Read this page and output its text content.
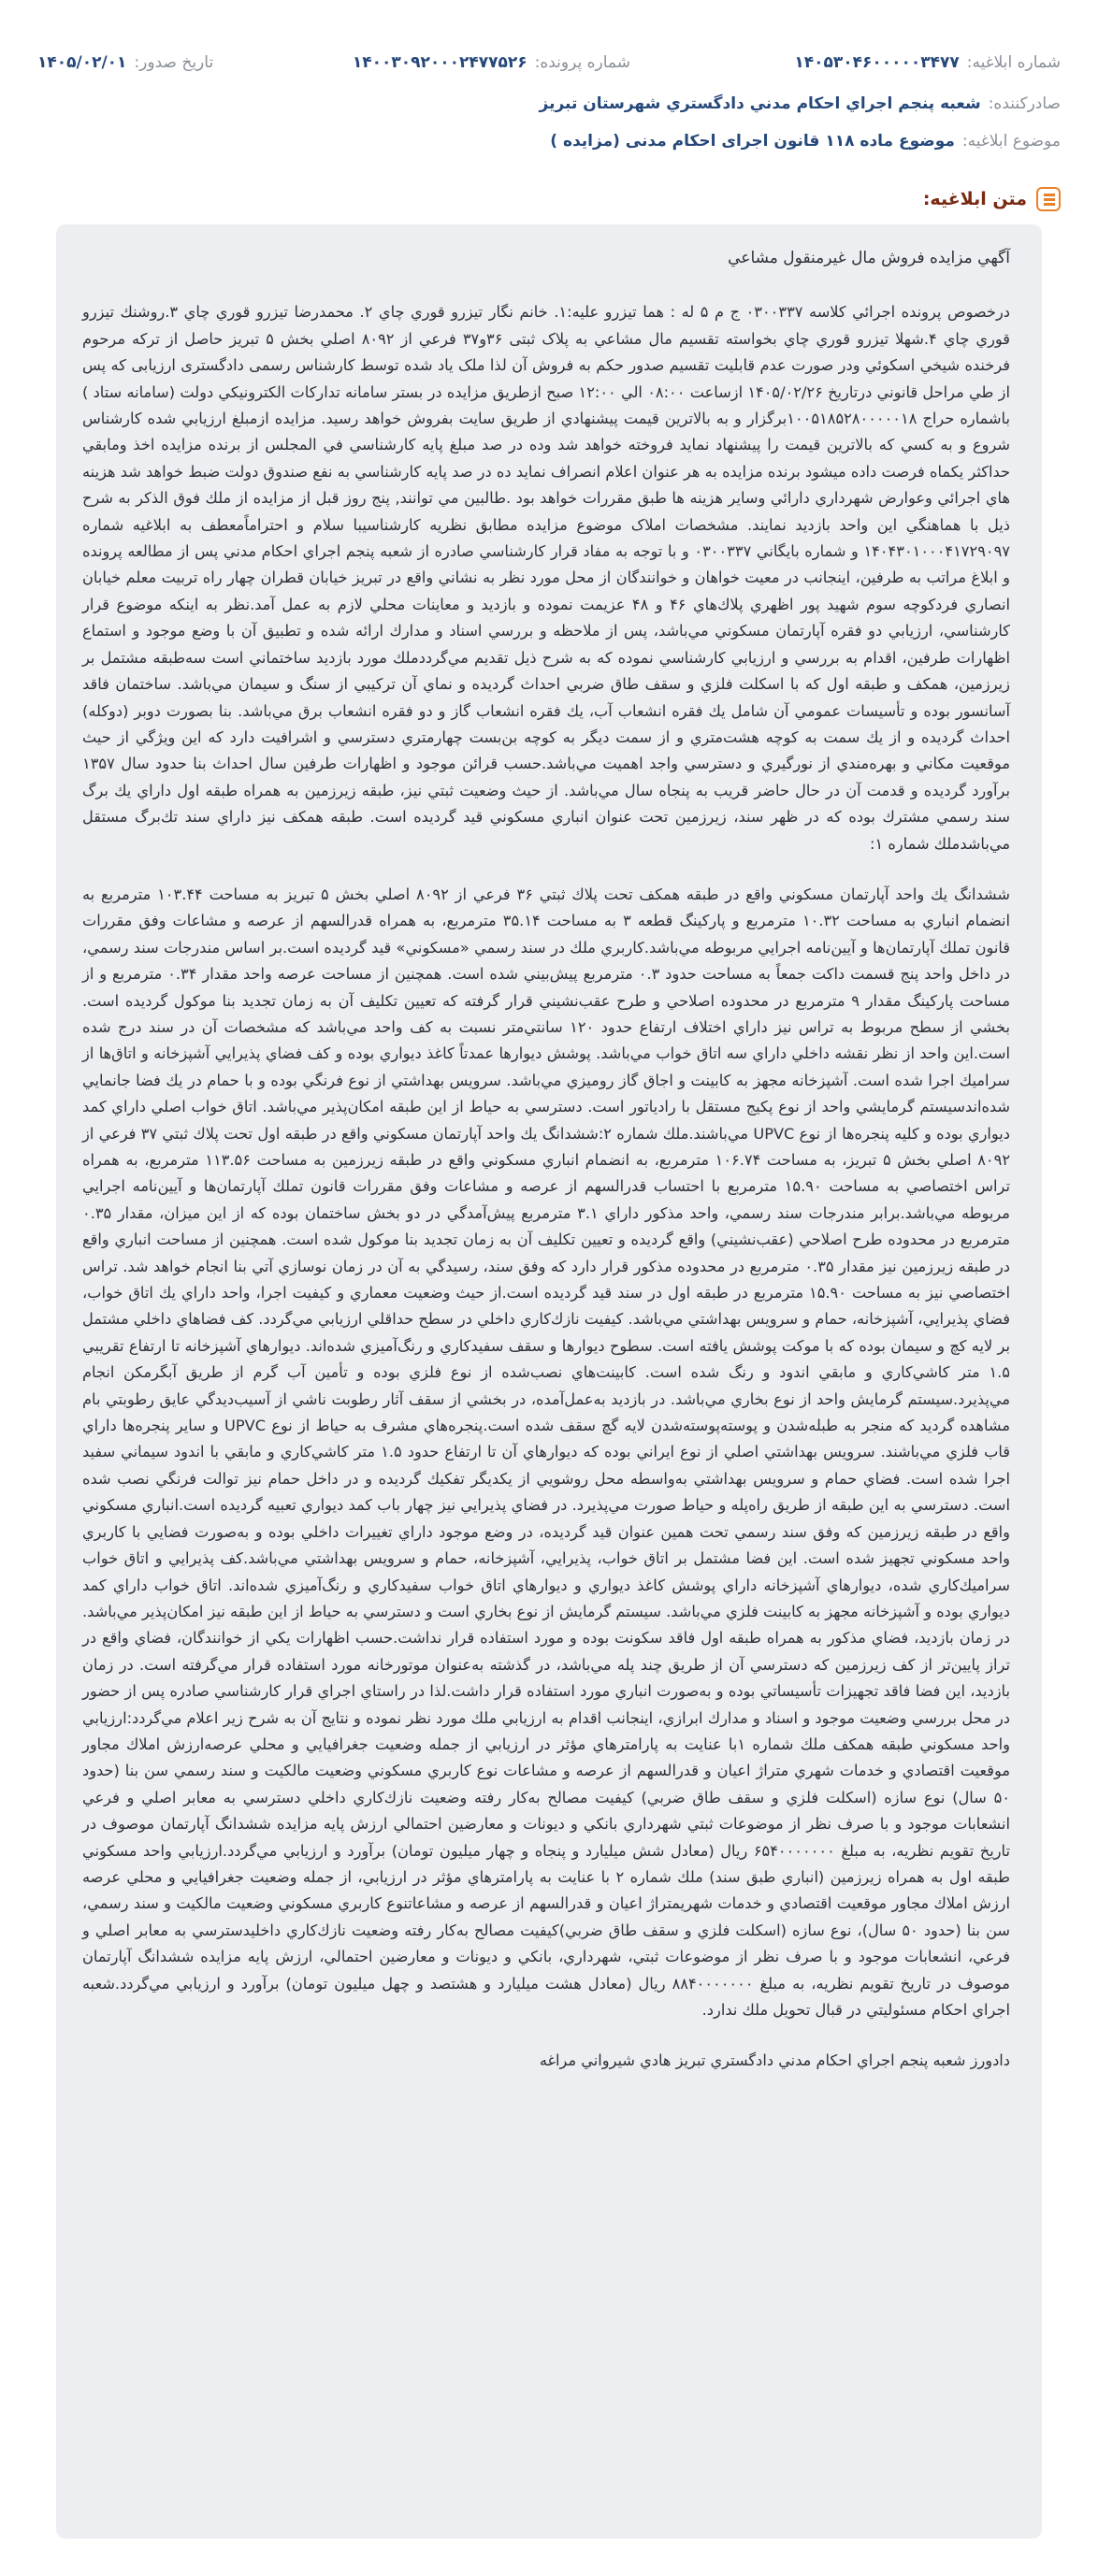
شماره ابلاغیه:
۱۴۰۵۳۰۴۶۰۰۰۰۰۳۴۷۷
شماره پرونده:
۱۴۰۰۳۰۹۲۰۰۰۲۴۷۷۵۲۶
تاریخ صدور:
۱۴۰۵/۰۲/۰۱
صادرکننده:
شعبه پنجم اجراي احكام مدني دادگستري شهرستان تبريز
موضوع ابلاغیه:
موضوع ماده ۱۱۸ قانون اجرای احکام مدنی (مزایده )
متن ابلاغیه:

آگهي مزايده فروش مال غيرمنقول مشاعي

درخصوص پرونده اجرائي كلاسه ۰۳۰۰۳۳۷ ج م ۵ له : هما تيزرو عليه:۱. خانم نگار تيزرو قوري چاي ۲. محمدرضا تيزرو قوري چاي ۳.روشنك تيزرو قوري چاي ۴.شهلا تيزرو قوري چاي بخواسته تقسيم مال مشاعي به پلاک ثبتی ۳۶و۳۷ فرعي از ۸۰۹۲ اصلي بخش ۵ تبريز حاصل از تركه مرحوم فرخنده شيخي اسكوئي ودر صورت عدم قابليت تقسيم صدور حكم به فروش آن لذا ملک یاد شده توسط کارشناس رسمی دادگستری ارزیابی كه پس از طي مراحل قانوني درتاريخ ۱۴۰۵/۰۲/۲۶ ازساعت ۰۸:۰۰ الي ۱۲:۰۰ صبح ازطريق مزايده در بستر سامانه تداركات الكترونيكي دولت (سامانه ستاد ) باشماره حراج ۱۰۰۵۱۸۵۲۸۰۰۰۰۰۱۸برگزار و به بالاترين قيمت پيشنهادي از طريق سايت بفروش خواهد رسيد. مزايده ازمبلغ ارزيابي شده كارشناس شروع و به كسي كه بالاترين قيمت را پيشنهاد نمايد فروخته خواهد شد وده در صد مبلغ پايه كارشناسي في المجلس از برنده مزايده اخذ ومابقي حداكثر يكماه فرصت داده ميشود برنده مزايده به هر عنوان اعلام انصراف نمايد ده در صد پايه كارشناسي به نفع صندوق دولت ضبط خواهد شد هزينه هاي اجرائي وعوارض شهرداري دارائي وساير هزينه ها طبق مقررات خواهد بود .طالبين مي توانند, پنج روز قبل از مزايده از ملك فوق الذكر به شرح ذيل با هماهنگي اين واحد بازديد نمايند. مشخصات املاک موضوع مزايده مطابق نظريه كارشناسيبا سلام و احتراماًمعطف به ابلاغيه شماره ۱۴۰۴۳۰۱۰۰۰۴۱۷۲۹۰۹۷ و شماره بايگاني ۰۳۰۰۳۳۷ و با توجه به مفاد قرار كارشناسي صادره از شعبه پنجم اجراي احكام مدني پس از مطالعه پرونده و ابلاغ مراتب به طرفين، اينجانب در معيت خواهان و خوانندگان از محل مورد نظر به نشاني واقع در تبريز خيابان قطران چهار راه تربيت معلم خيابان انصاري فردكوچه سوم شهيد پور اظهري پلاك‌هاي ۴۶ و ۴۸ عزيمت نموده و بازديد و معاينات محلي لازم به عمل آمد.نظر به اينكه موضوع قرار كارشناسي، ارزيابي دو فقره آپارتمان مسكوني مي‌باشد، پس از ملاحظه و بررسي اسناد و مدارك ارائه شده و تطبيق آن با وضع موجود و استماع اظهارات طرفين، اقدام به بررسي و ارزيابي كارشناسي نموده كه به شرح ذيل تقديم مي‌گرددملك مورد بازديد ساختماني است سه‌طبقه مشتمل بر زيرزمين، همكف و طبقه اول كه با اسكلت فلزي و سقف طاق ضربي احداث گرديده و نماي آن تركيبي از سنگ و سيمان مي‌باشد. ساختمان فاقد آسانسور بوده و تأسيسات عمومي آن شامل يك فقره انشعاب آب، يك فقره انشعاب گاز و دو فقره انشعاب برق مي‌باشد. بنا بصورت دوبر (دوكله) احداث گرديده و از يك سمت به كوچه هشت‌متري و از سمت ديگر به كوچه بن‌بست چهارمتري دسترسي و اشرافيت دارد كه اين ويژگي از حيث موقعيت مكاني و بهره‌مندي از نورگيري و دسترسي واجد اهميت مي‌باشد.حسب قرائن موجود و اظهارات طرفين سال احداث بنا حدود سال ۱۳۵۷ برآورد گرديده و قدمت آن در حال حاضر قريب به پنجاه سال مي‌باشد. از حيث وضعيت ثبتي نيز، طبقه زيرزمين به همراه طبقه اول داراي يك برگ سند رسمي مشترك بوده كه در ظهر سند، زيرزمين تحت عنوان انباري مسكوني قيد گرديده است. طبقه همكف نيز داراي سند تك‌برگ مستقل مي‌باشدملك شماره ۱:

ششدانگ يك واحد آپارتمان مسكوني واقع در طبقه همكف تحت پلاك ثبتي ۳۶ فرعي از ۸۰۹۲ اصلي بخش ۵ تبريز به مساحت ۱۰۳.۴۴ مترمربع به انضمام انباري به مساحت ۱۰.۳۲ مترمربع و پاركينگ قطعه ۳ به مساحت ۳۵.۱۴ مترمربع، به همراه قدرالسهم از عرصه و مشاعات وفق مقررات قانون تملك آپارتمان‌ها و آيين‌نامه اجرايي مربوطه مي‌باشد.كاربري ملك در سند رسمي «مسكوني» قيد گرديده است.بر اساس مندرجات سند رسمي، در داخل واحد پنج قسمت داكت جمعاً به مساحت حدود ۰.۳ مترمربع پيش‌بيني شده است. همچنين از مساحت عرصه واحد مقدار ۰.۳۴ مترمربع و از مساحت پاركينگ مقدار ۹ مترمربع در محدوده اصلاحي و طرح عقب‌نشيني قرار گرفته كه تعيين تكليف آن به زمان تجديد بنا موكول گرديده است. بخشي از سطح مربوط به تراس نيز داراي اختلاف ارتفاع حدود ۱۲۰ سانتي‌متر نسبت به كف واحد مي‌باشد كه مشخصات آن در سند درج شده است.اين واحد از نظر نقشه داخلي داراي سه اتاق خواب مي‌باشد. پوشش ديوارها عمدتاً كاغذ ديواري بوده و كف فضاي پذيرايي آشپزخانه و اتاق‌ها از سراميك اجرا شده است. آشپزخانه مجهز به كابينت و اجاق گاز روميزي مي‌باشد. سرويس بهداشتي از نوع فرنگي بوده و با حمام در يك فضا جانمايي شده‌اندسيستم گرمايشي واحد از نوع پكيج مستقل با رادياتور است. دسترسي به حياط از اين طبقه امكان‌پذير مي‌باشد. اتاق خواب اصلي داراي كمد ديواري بوده و كليه پنجره‌ها از نوع UPVC مي‌باشند.ملك شماره ۲:ششدانگ يك واحد آپارتمان مسكوني واقع در طبقه اول تحت پلاك ثبتي ۳۷ فرعي از ۸۰۹۲ اصلي بخش ۵ تبريز، به مساحت ۱۰۶.۷۴ مترمربع، به انضمام انباري مسكوني واقع در طبقه زيرزمين به مساحت ۱۱۳.۵۶ مترمربع، به همراه تراس اختصاصي به مساحت ۱۵.۹۰ مترمربع با احتساب قدرالسهم از عرصه و مشاعات وفق مقررات قانون تملك آپارتمان‌ها و آيين‌نامه اجرايي مربوطه مي‌باشد.برابر مندرجات سند رسمي، واحد مذكور داراي ۳.۱ مترمربع پيش‌آمدگي در دو بخش ساختمان بوده كه از اين ميزان، مقدار ۰.۳۵ مترمربع در محدوده طرح اصلاحي (عقب‌نشيني) واقع گرديده و تعيين تكليف آن به زمان تجديد بنا موكول شده است. همچنين از مساحت انباري واقع در طبقه زيرزمين نيز مقدار ۰.۳۵ مترمربع در محدوده مذكور قرار دارد كه وفق سند، رسيدگي به آن در زمان نوسازي آتي بنا انجام خواهد شد. تراس اختصاصي نيز به مساحت ۱۵.۹۰ مترمربع در طبقه اول در سند قيد گرديده است.از حيث وضعيت معماري و كيفيت اجرا، واحد داراي يك اتاق خواب، فضاي پذيرايي، آشپزخانه، حمام و سرويس بهداشتي مي‌باشد. كيفيت نازك‌كاري داخلي در سطح حداقلي ارزيابي مي‌گردد. كف فضاهاي داخلي مشتمل بر لايه كچ و سيمان بوده كه با موكت پوشش يافته است. سطوح ديوارها و سقف سفيدكاري و رنگ‌آميزي شده‌اند. ديوارهاي آشپزخانه تا ارتفاع تقريبي ۱.۵ متر كاشي‌كاري و مابقي اندود و رنگ شده است. كابينت‌هاي نصب‌شده از نوع فلزي بوده و تأمين آب گرم از طريق آبگرمكن انجام مي‌پذيرد.سيستم گرمايش واحد از نوع بخاري مي‌باشد. در بازديد به‌عمل‌آمده، در بخشي از سقف آثار رطوبت ناشي از آسيب‌ديدگي عايق رطوبتي بام مشاهده گرديد كه منجر به طبله‌شدن و پوسته‌پوسته‌شدن لايه گچ سقف شده است.پنجره‌هاي مشرف به حياط از نوع UPVC و ساير پنجره‌ها داراي قاب فلزي مي‌باشند. سرويس بهداشتي اصلي از نوع ايراني بوده كه ديوارهاي آن تا ارتفاع حدود ۱.۵ متر كاشي‌كاري و مابقي با اندود سيماني سفيد اجرا شده است. فضاي حمام و سرويس بهداشتي به‌واسطه محل روشويي از يكديگر تفكيك گرديده و در داخل حمام نيز توالت فرنگي نصب شده است. دسترسي به اين طبقه از طريق راه‌پله و حياط صورت مي‌پذيرد. در فضاي پذيرايي نيز چهار باب كمد ديواري تعبيه گرديده است.انباري مسكوني واقع در طبقه زيرزمين كه وفق سند رسمي تحت همين عنوان قيد گرديده، در وضع موجود داراي تغييرات داخلي بوده و به‌صورت فضايي با كاربري واحد مسكوني تجهيز شده است. اين فضا مشتمل بر اتاق خواب، پذيرايي، آشپزخانه، حمام و سرويس بهداشتي مي‌باشد.كف پذيرايي و اتاق خواب سراميك‌كاري شده، ديوارهاي آشپزخانه داراي پوشش كاغذ ديواري و ديوارهاي اتاق خواب سفيدكاري و رنگ‌آميزي شده‌اند. اتاق خواب داراي كمد ديواري بوده و آشپزخانه مجهز به كابينت فلزي مي‌باشد. سيستم گرمايش از نوع بخاري است و دسترسي به حياط از اين طبقه نيز امكان‌پذير مي‌باشد. در زمان بازديد، فضاي مذكور به همراه طبقه اول فاقد سكونت بوده و مورد استفاده قرار نداشت.حسب اظهارات يكي از خوانندگان، فضاي واقع در تراز پايين‌تر از كف زيرزمين كه دسترسي آن از طريق چند پله مي‌باشد، در گذشته به‌عنوان موتورخانه مورد استفاده قرار مي‌گرفته است. در زمان بازديد، اين فضا فاقد تجهيزات تأسيساتي بوده و به‌صورت انباري مورد استفاده قرار داشت.لذا در راستاي اجراي قرار كارشناسي صادره پس از حضور در محل بررسي وضعيت موجود و اسناد و مدارك ابرازي، اينجانب اقدام به ارزيابي ملك مورد نظر نموده و نتايج آن به شرح زير اعلام مي‌گردد:ارزيابي واحد مسكوني طبقه همكف ملك شماره ۱با عنايت به پارامترهاي مؤثر در ارزيابي از جمله وضعيت جغرافيايي و محلي عرصه‌ارزش املاك مجاور موقعيت اقتصادي و خدمات شهري متراژ اعيان و قدرالسهم از عرصه و مشاعات نوع كاربري مسكوني وضعيت مالكيت و سند رسمي سن بنا (حدود ۵۰ سال) نوع سازه (اسكلت فلزي و سقف طاق ضربي) كيفيت مصالح به‌كار رفته وضعيت نازك‌كاري داخلي دسترسي به معابر اصلي و فرعي انشعابات موجود و با صرف نظر از موضوعات ثبتي شهرداري بانكي و ديونات و معارضين احتمالي ارزش پايه مزايده ششدانگ آپارتمان موصوف در تاريخ تقويم نظريه، به مبلغ ۶۵۴۰۰۰۰۰۰۰ ريال (معادل شش ميليارد و پنجاه و چهار ميليون تومان) برآورد و ارزيابي مي‌گردد.ارزيابي واحد مسكوني طبقه اول به همراه زيرزمين (انباري طبق سند) ملك شماره ۲ با عنايت به پارامترهاي مؤثر در ارزيابي، از جمله وضعيت جغرافيايي و محلي عرصه ارزش املاك مجاور موقعيت اقتصادي و خدمات شهريمتراژ اعيان و قدرالسهم از عرصه و مشاعاتنوع كاربري مسكوني وضعيت مالكيت و سند رسمي، سن بنا (حدود ۵۰ سال)، نوع سازه (اسكلت فلزي و سقف طاق ضربي)كيفيت مصالح به‌كار رفته وضعيت نازك‌كاري داخليدسترسي به معابر اصلي و فرعي، انشعابات موجود و با صرف نظر از موضوعات ثبتي، شهرداري، بانكي و ديونات و معارضين احتمالي، ارزش پايه مزايده ششدانگ آپارتمان موصوف در تاريخ تقويم نظريه، به مبلغ ۸۸۴۰۰۰۰۰۰۰ ريال (معادل هشت ميليارد و هشتصد و چهل ميليون تومان) برآورد و ارزيابي مي‌گردد.شعبه اجراي احكام مسئوليتي در قبال تحويل ملك ندارد.

دادورز شعبه پنجم اجراي احكام مدني دادگستري تبريز هادي شيرواني مراغه
